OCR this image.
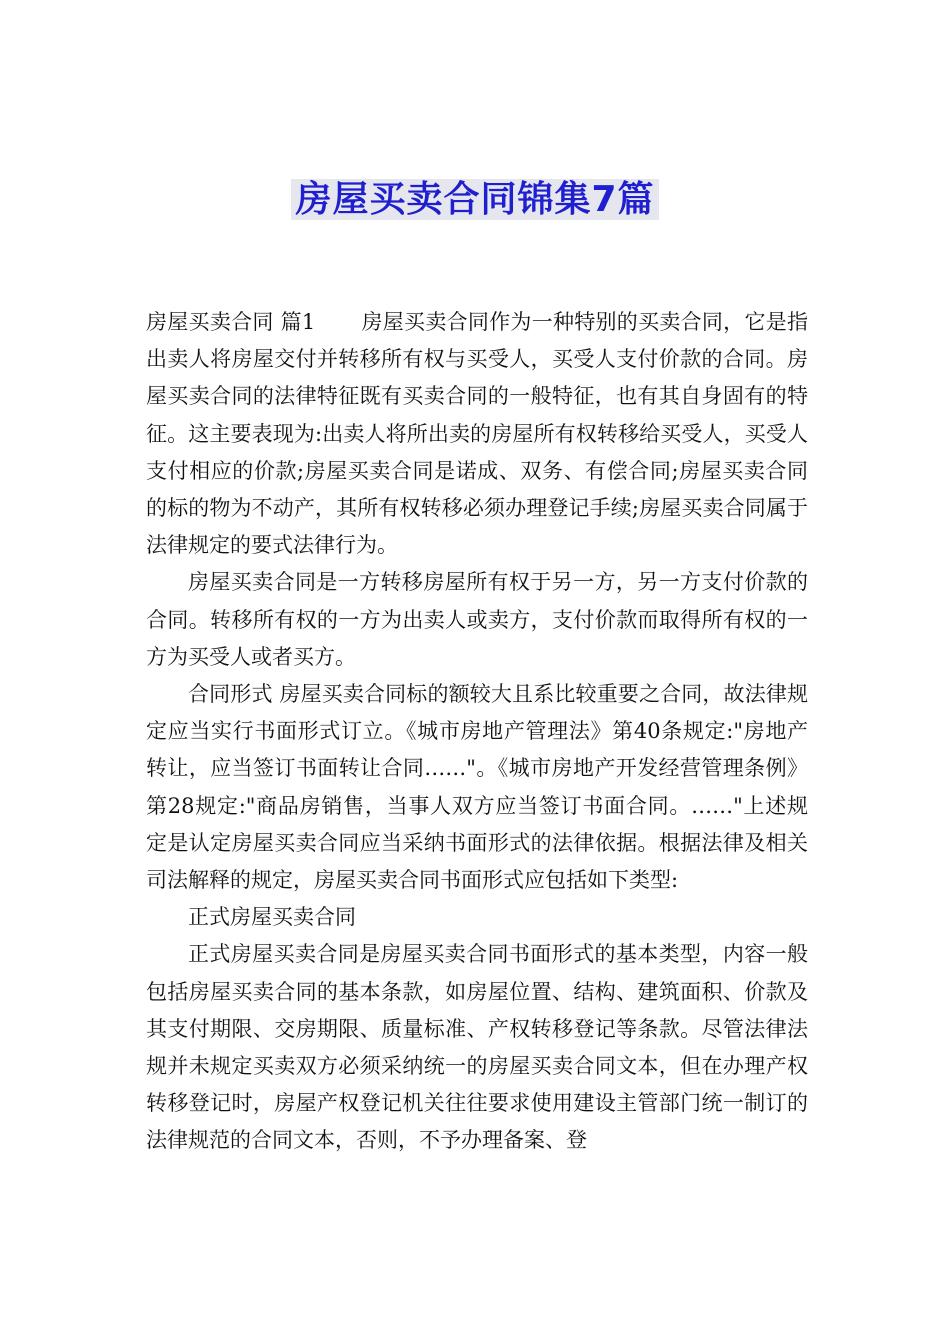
房屋买卖合同锦集7篇

房屋买卖合同 篇1 房屋买卖合同作为一种特别的买卖合同，它是指出卖人将房屋交付并转移所有权与买受人，买受人支付价款的合同。房屋买卖合同的法律特征既有买卖合同的一般特征，也有其自身固有的特征。这主要表现为:出卖人将所出卖的房屋所有权转移给买受人，买受人支付相应的价款;房屋买卖合同是诺成、双务、有偿合同;房屋买卖合同的标的物为不动产，其所有权转移必须办理登记手续;房屋买卖合同属于法律规定的要式法律行为。

房屋买卖合同是一方转移房屋所有权于另一方，另一方支付价款的合同。转移所有权的一方为出卖人或卖方，支付价款而取得所有权的一方为买受人或者买方。

合同形式 房屋买卖合同标的额较大且系比较重要之合同，故法律规定应当实行书面形式订立。《城市房地产管理法》第40条规定:"房地产转让，应当签订书面转让合同……"。《城市房地产开发经营管理条例》第28规定:"商品房销售，当事人双方应当签订书面合同。……"上述规定是认定房屋买卖合同应当采纳书面形式的法律依据。根据法律及相关司法解释的规定，房屋买卖合同书面形式应包括如下类型:

正式房屋买卖合同

正式房屋买卖合同是房屋买卖合同书面形式的基本类型，内容一般包括房屋买卖合同的基本条款，如房屋位置、结构、建筑面积、价款及其支付期限、交房期限、质量标准、产权转移登记等条款。尽管法律法规并未规定买卖双方必须采纳统一的房屋买卖合同文本，但在办理产权转移登记时，房屋产权登记机关往往要求使用建设主管部门统一制订的法律规范的合同文本，否则，不予办理备案、登
